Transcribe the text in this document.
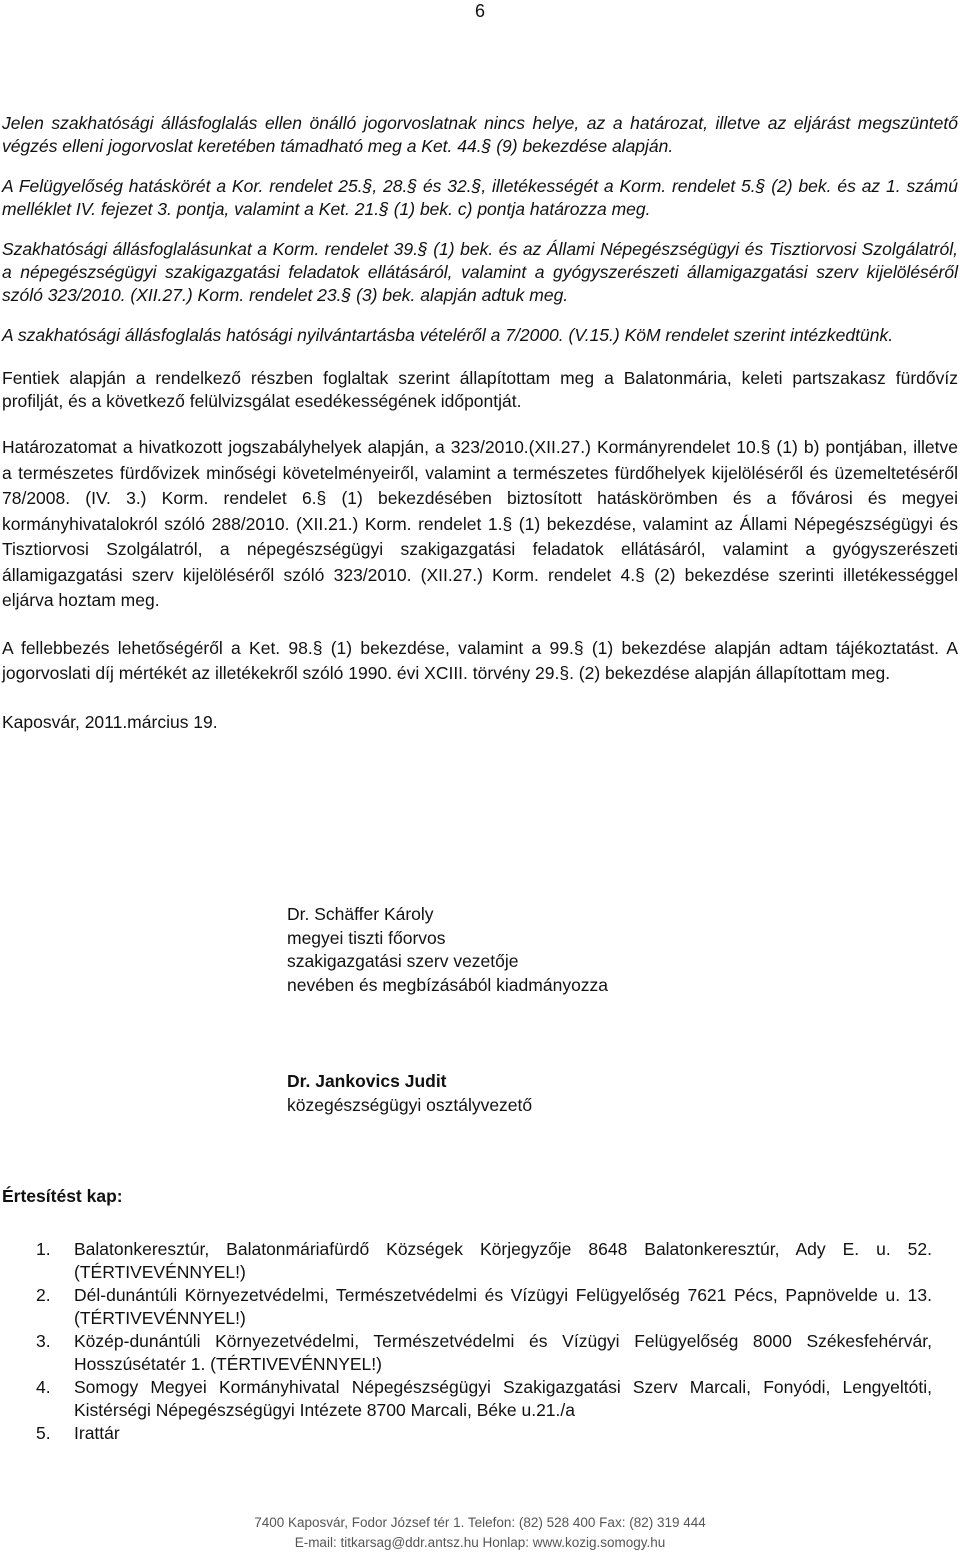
6

Jelen szakhatósági állásfoglalás ellen önálló jogorvoslatnak nincs helye, az a határozat, illetve az eljárást megszüntető végzés elleni jogorvoslat keretében támadható meg a Ket. 44.§ (9) bekezdése alapján.

A Felügyelőség hatáskörét a Kor. rendelet 25.§, 28.§ és 32.§, illetékességét a Korm. rendelet 5.§ (2) bek. és az 1. számú melléklet IV. fejezet 3. pontja, valamint a Ket. 21.§ (1) bek. c) pontja határozza meg.

Szakhatósági állásfoglalásunkat a Korm. rendelet 39.§ (1) bek. és az Állami Népegészségügyi és Tisztiorvosi Szolgálatról, a népegészségügyi szakigazgatási feladatok ellátásáról, valamint a gyógyszerészeti államigazgatási szerv kijelöléséről szóló 323/2010. (XII.27.) Korm. rendelet 23.§ (3) bek. alapján adtuk meg.

A szakhatósági állásfoglalás hatósági nyilvántartásba vételéről a 7/2000. (V.15.) KöM rendelet szerint intézkedtünk.

Fentiek alapján a rendelkező részben foglaltak szerint állapítottam meg a Balatonmária, keleti partszakasz fürdővíz profilját, és a következő felülvizsgálat esedékességének időpontját.

Határozatomat a hivatkozott jogszabályhelyek alapján, a 323/2010.(XII.27.) Kormányrendelet 10.§ (1) b) pontjában, illetve a természetes fürdővizek minőségi követelményeiről, valamint a természetes fürdőhelyek kijelöléséről és üzemeltetéséről 78/2008. (IV. 3.) Korm. rendelet 6.§ (1) bekezdésében biztosított hatáskörömben és a fővárosi és megyei kormányhivatalokról szóló 288/2010. (XII.21.) Korm. rendelet 1.§ (1) bekezdése, valamint az Állami Népegészségügyi és Tisztiorvosi Szolgálatról, a népegészségügyi szakigazgatási feladatok ellátásáról, valamint a gyógyszerészeti államigazgatási szerv kijelöléséről szóló 323/2010. (XII.27.) Korm. rendelet 4.§ (2) bekezdése szerinti illetékességgel eljárva hoztam meg.

A fellebbezés lehetőségéről a Ket. 98.§ (1) bekezdése, valamint a 99.§ (1) bekezdése alapján adtam tájékoztatást. A jogorvoslati díj mértékét az illetékekről szóló 1990. évi XCIII. törvény 29.§. (2) bekezdése alapján állapítottam meg.

Kaposvár, 2011.március 19.

Dr. Schäffer Károly
megyei tiszti főorvos
szakigazgatási szerv vezetője
nevében és megbízásából kiadmányozza
Dr. Jankovics Judit
közegészségügyi osztályvezető
Értesítést kap:
1.	Balatonkeresztúr, Balatonmáriafürdő Községek Körjegyzője 8648 Balatonkeresztúr, Ady E. u. 52. (TÉRTIVEVÉNNYEL!)
2.	Dél-dunántúli Környezetvédelmi, Természetvédelmi és Vízügyi Felügyelőség 7621 Pécs, Papnövelde u. 13. (TÉRTIVEVÉNNYEL!)
3.	Közép-dunántúli Környezetvédelmi, Természetvédelmi és Vízügyi Felügyelőség 8000 Székesfehérvár, Hosszúsétatér 1. (TÉRTIVEVÉNNYEL!)
4.	Somogy Megyei Kormányhivatal Népegészségügyi Szakigazgatási Szerv Marcali, Fonyódi, Lengyeltóti, Kistérségi Népegészségügyi Intézete 8700 Marcali, Béke u.21./a
5.	Irattár
7400 Kaposvár, Fodor József tér 1. Telefon: (82) 528 400 Fax: (82) 319 444
E-mail: titkarsag@ddr.antsz.hu Honlap: www.kozig.somogy.hu
